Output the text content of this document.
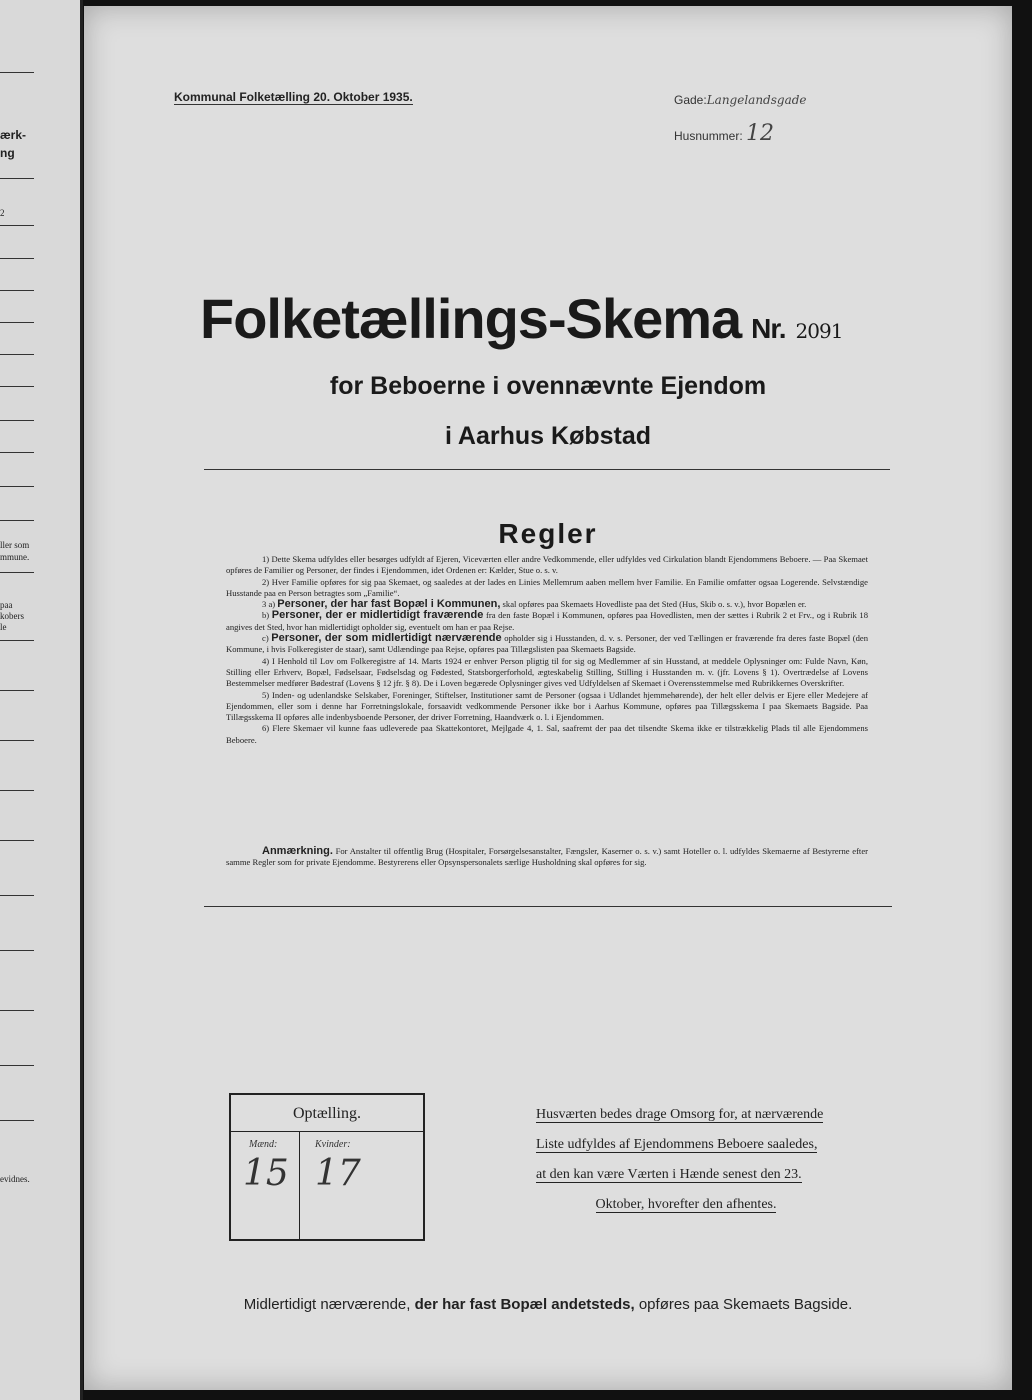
ærk-
ng
2
ller som
mmune.
paa
kobers
le
evidnes.
Kommunal Folketælling 20. Oktober 1935.	Gade:Langelandsgade
Husnummer: 12
Folketællings-Skema Nr. 2091
for Beboerne i ovennævnte Ejendom
i Aarhus Købstad
Regler

1) Dette Skema udfyldes eller besørges udfyldt af Ejeren, Viceværten eller andre Vedkommende, eller udfyldes ved Cirkulation blandt Ejendommens Beboere. — Paa Skemaet opføres de Familier og Personer, der findes i Ejendommen, idet Ordenen er: Kælder, Stue o. s. v.

2) Hver Familie opføres for sig paa Skemaet, og saaledes at der lades en Linies Mellemrum aaben mellem hver Familie. En Familie omfatter ogsaa Logerende. Selvstændige Husstande paa en Person betragtes som „Familie“.

3 a) Personer, der har fast Bopæl i Kommunen, skal opføres paa Skemaets Hovedliste paa det Sted (Hus, Skib o. s. v.), hvor Bopælen er.

b) Personer, der er midlertidigt fraværende fra den faste Bopæl i Kommunen, opføres paa Hovedlisten, men der sættes i Rubrik 2 et Frv., og i Rubrik 18 angives det Sted, hvor han midlertidigt opholder sig, eventuelt om han er paa Rejse.

c) Personer, der som midlertidigt nærværende opholder sig i Husstanden, d. v. s. Personer, der ved Tællingen er fraværende fra deres faste Bopæl (den Kommune, i hvis Folkeregister de staar), samt Udlændinge paa Rejse, opføres paa Tillægslisten paa Skemaets Bagside.

4) I Henhold til Lov om Folkeregistre af 14. Marts 1924 er enhver Person pligtig til for sig og Medlemmer af sin Husstand, at meddele Oplysninger om: Fulde Navn, Køn, Stilling eller Erhverv, Bopæl, Fødselsaar, Fødselsdag og Fødested, Statsborgerforhold, ægteskabelig Stilling, Stilling i Husstanden m. v. (jfr. Lovens § 1). Overtrædelse af Lovens Bestemmelser medfører Bødestraf (Lovens § 12 jfr. § 8). De i Loven begærede Oplysninger gives ved Udfyldelsen af Skemaet i Overensstemmelse med Rubrikkernes Overskrifter.

5) Inden- og udenlandske Selskaber, Foreninger, Stiftelser, Institutioner samt de Personer (ogsaa i Udlandet hjemmehørende), der helt eller delvis er Ejere eller Medejere af Ejendommen, eller som i denne har Forretningslokale, forsaavidt vedkommende Personer ikke bor i Aarhus Kommune, opføres paa Tillægsskema I paa Skemaets Bagside. Paa Tillægsskema II opføres alle indenbysboende Personer, der driver Forretning, Haandværk o. l. i Ejendommen.

6) Flere Skemaer vil kunne faas udleverede paa Skattekontoret, Mejlgade 4, 1. Sal, saafremt der paa det tilsendte Skema ikke er tilstrækkelig Plads til alle Ejendommens Beboere.

Anmærkning. For Anstalter til offentlig Brug (Hospitaler, Forsørgelsesanstalter, Fængsler, Kaserner o. s. v.) samt Hoteller o. l. udfyldes Skemaerne af Bestyrerne efter samme Regler som for private Ejendomme. Bestyrerens eller Opsynspersonalets særlige Husholdning skal opføres for sig.
Optælling.
Mænd:	Kvinder:
15 17
Husværten bedes drage Omsorg for, at nærværende
Liste udfyldes af Ejendommens Beboere saaledes,
at den kan være Værten i Hænde senest den 23.
Oktober, hvorefter den afhentes.
Midlertidigt nærværende, der har fast Bopæl andetsteds, opføres paa Skemaets Bagside.
